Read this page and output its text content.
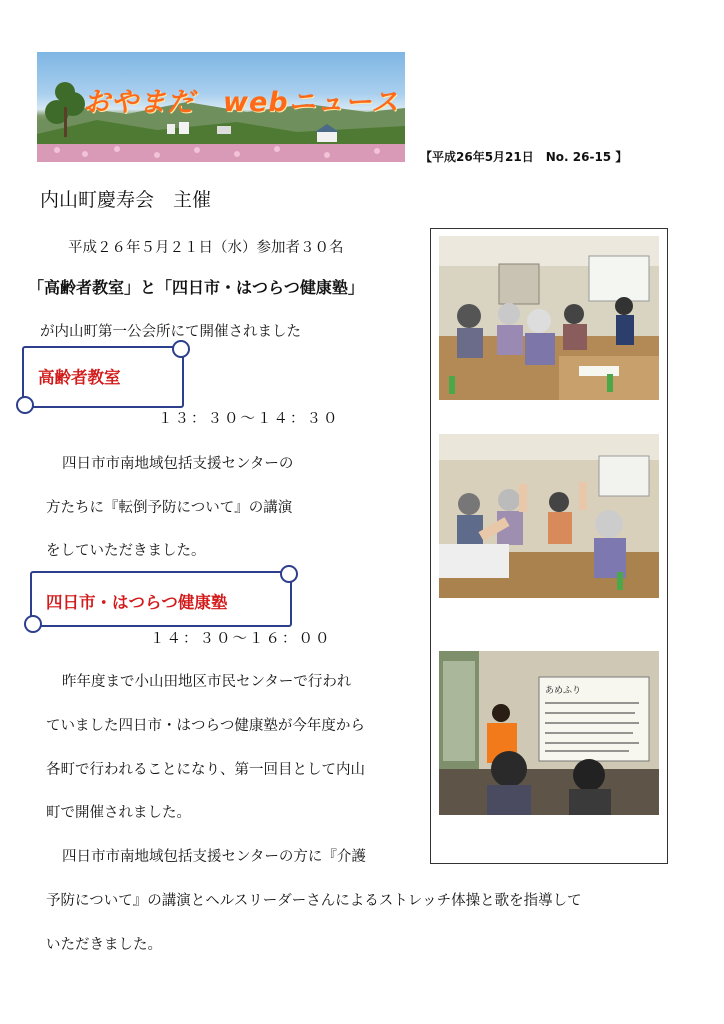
おやまだ　webニュース
【平成26年5月21日　No. 26-15 】
内山町慶寿会　主催
平成２６年５月２１日（水）参加者３０名
「高齢者教室」と「四日市・はつらつ健康塾」
が内山町第一公会所にて開催されました
高齢者教室
１３：３０〜１４：３０
四日市市南地域包括支援センターの
方たちに『転倒予防について』の講演
をしていただきました。
四日市・はつらつ健康塾
１４：３０〜１６：００
昨年度まで小山田地区市民センターで行われ
ていました四日市・はつらつ健康塾が今年度から
各町で行われることになり、第一回目として内山
町で開催されました。
四日市市南地域包括支援センターの方に『介護
予防について』の講演とヘルスリーダーさんによるストレッチ体操と歌を指導して
いただきました。
あめふり
